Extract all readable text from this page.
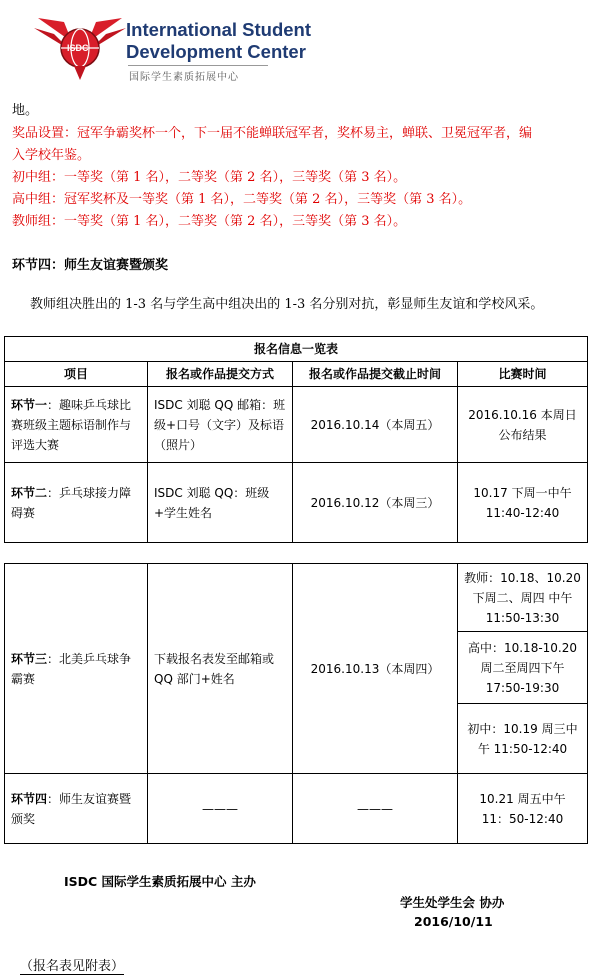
ISDC
International Student
Development Center
国际学生素质拓展中心
地。
奖品设置：冠军争霸奖杯一个，下一届不能蝉联冠军者，奖杯易主，蝉联、卫冕冠军者，编
入学校年鉴。
初中组：一等奖（第 1 名），二等奖（第 2 名），三等奖（第 3 名）。
高中组：冠军奖杯及一等奖（第 1 名），二等奖（第 2 名），三等奖（第 3 名）。
教师组：一等奖（第 1 名），二等奖（第 2 名），三等奖（第 3 名）。
环节四：师生友谊赛暨颁奖
教师组决胜出的 1-3 名与学生高中组决出的 1-3 名分别对抗，彰显师生友谊和学校风采。
报名信息一览表			
项目	报名或作品提交方式	报名或作品提交截止时间	比赛时间
环节一：趣味乒乓球比赛班级主题标语制作与评选大赛	ISDC 刘聪 QQ 邮箱：班级+口号（文字）及标语（照片）	2016.10.14（本周五）	2016.10.16 本周日公布结果
环节二：乒乓球接力障碍赛	ISDC 刘聪 QQ：班级+学生姓名	2016.10.12（本周三）	10.17 下周一中午 11:40-12:40
环节三：北美乒乓球争霸赛	下载报名表发至邮箱或 QQ 部门+姓名	2016.10.13（本周四）	教师：10.18、10.20 下周二、周四 中午 11:50-13:30
			高中：10.18-10.20 周二至周四下午 17:50-19:30
			初中：10.19 周三中午 11:50-12:40
环节四：师生友谊赛暨颁奖	———	———	10.21 周五中午 11：50-12:40
ISDC 国际学生素质拓展中心 主办
学生处学生会 协办
2016/10/11
（报名表见附表）
